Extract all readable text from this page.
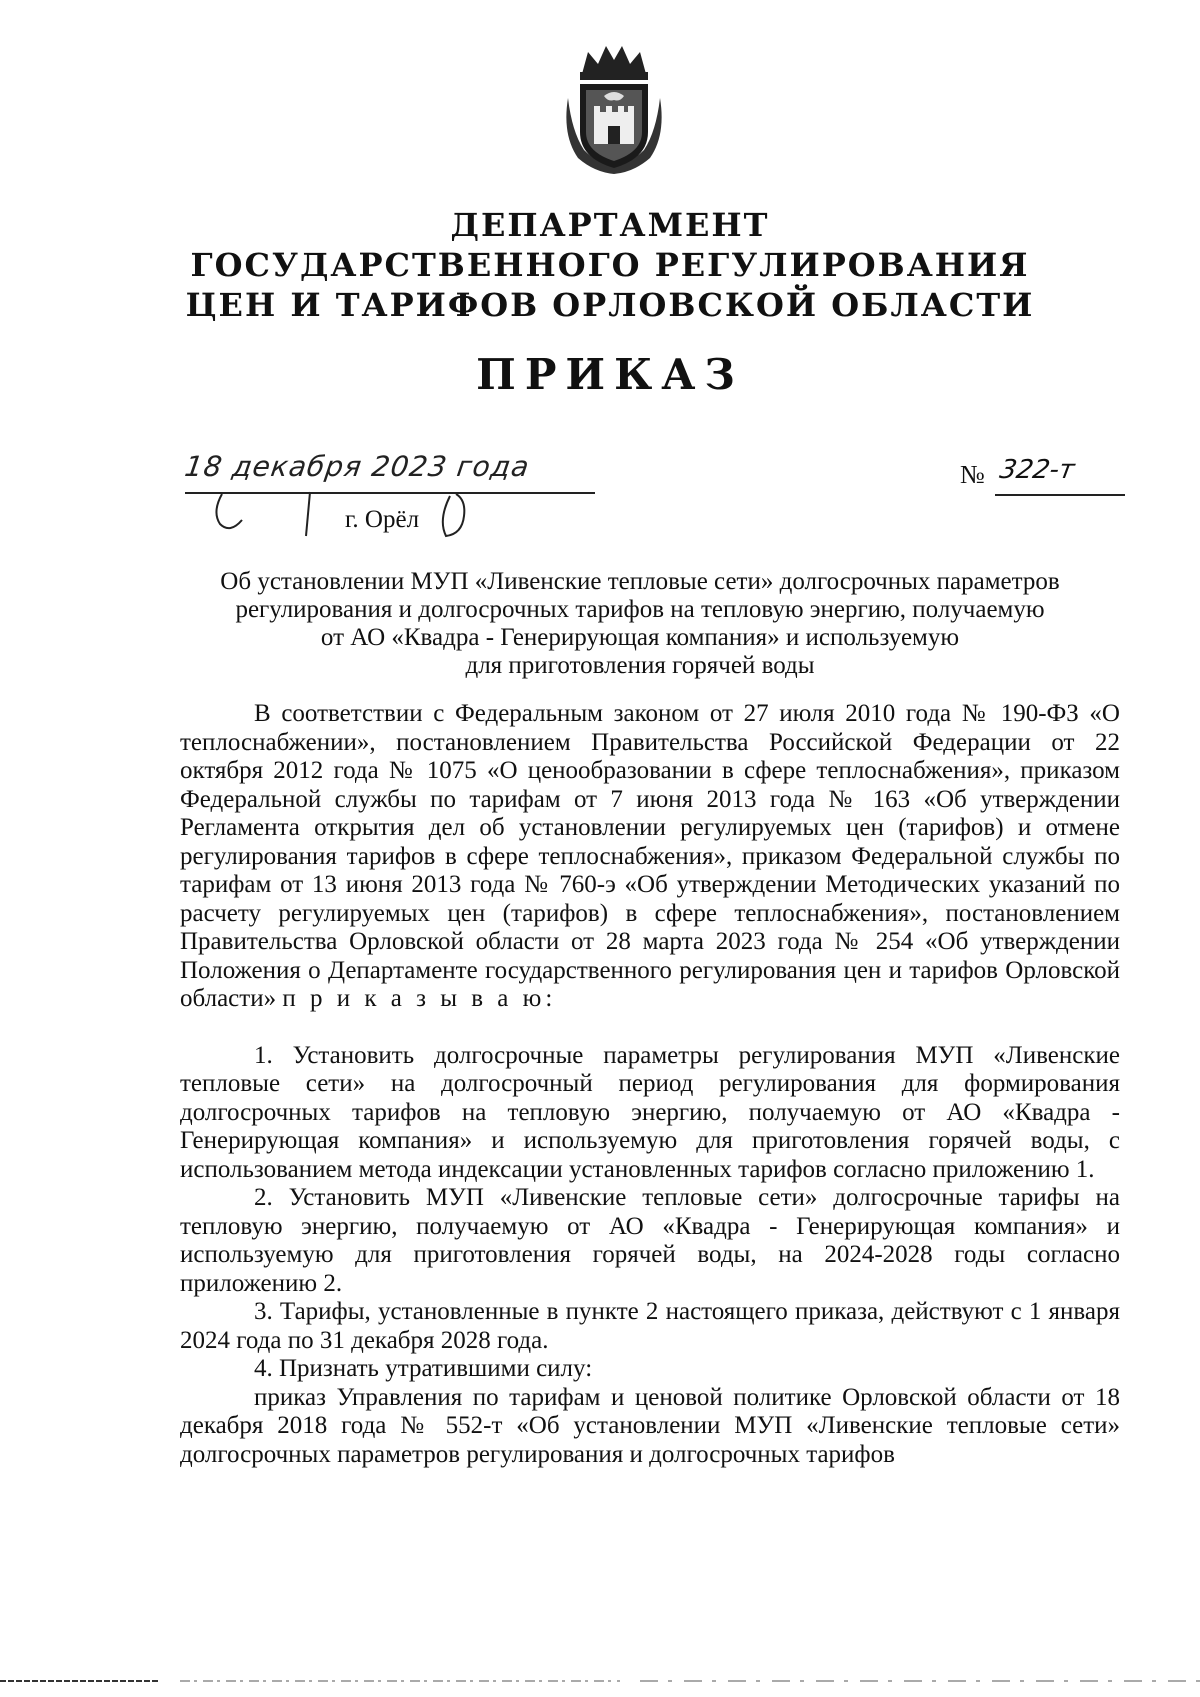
ДЕПАРТАМЕНТ
ГОСУДАРСТВЕННОГО РЕГУЛИРОВАНИЯ
ЦЕН И ТАРИФОВ ОРЛОВСКОЙ ОБЛАСТИ
ПРИКАЗ
18 декабря 2023 года
г. Орёл
№ 322-т
Об установлении МУП «Ливенские тепловые сети» долгосрочных параметров
регулирования и долгосрочных тарифов на тепловую энергию, получаемую
от АО «Квадра - Генерирующая компания» и используемую
для приготовления горячей воды

В соответствии с Федеральным законом от 27 июля 2010 года № 190-ФЗ «О теплоснабжении», постановлением Правительства Российской Федерации от 22 октября 2012 года № 1075 «О ценообразовании в сфере теплоснабжения», приказом Федеральной службы по тарифам от 7 июня 2013 года № 163 «Об утверждении Регламента открытия дел об установлении регулируемых цен (тарифов) и отмене регулирования тарифов в сфере теплоснабжения», приказом Федеральной службы по тарифам от 13 июня 2013 года № 760-э «Об утверждении Методических указаний по расчету регулируемых цен (тарифов) в сфере теплоснабжения», постановлением Правительства Орловской области от 28 марта 2023 года № 254 «Об утверждении Положения о Департаменте государственного регулирования цен и тарифов Орловской области» п р и к а з ы в а ю:

1. Установить долгосрочные параметры регулирования МУП «Ливенские тепловые сети» на долгосрочный период регулирования для формирования долгосрочных тарифов на тепловую энергию, получаемую от АО «Квадра - Генерирующая компания» и используемую для приготовления горячей воды, с использованием метода индексации установленных тарифов согласно приложению 1.

2. Установить МУП «Ливенские тепловые сети» долгосрочные тарифы на тепловую энергию, получаемую от АО «Квадра - Генерирующая компания» и используемую для приготовления горячей воды, на 2024-2028 годы согласно приложению 2.

3. Тарифы, установленные в пункте 2 настоящего приказа, действуют с 1 января 2024 года по 31 декабря 2028 года.

4. Признать утратившими силу:

приказ Управления по тарифам и ценовой политике Орловской области от 18 декабря 2018 года № 552-т «Об установлении МУП «Ливенские тепловые сети» долгосрочных параметров регулирования и долгосрочных тарифов
